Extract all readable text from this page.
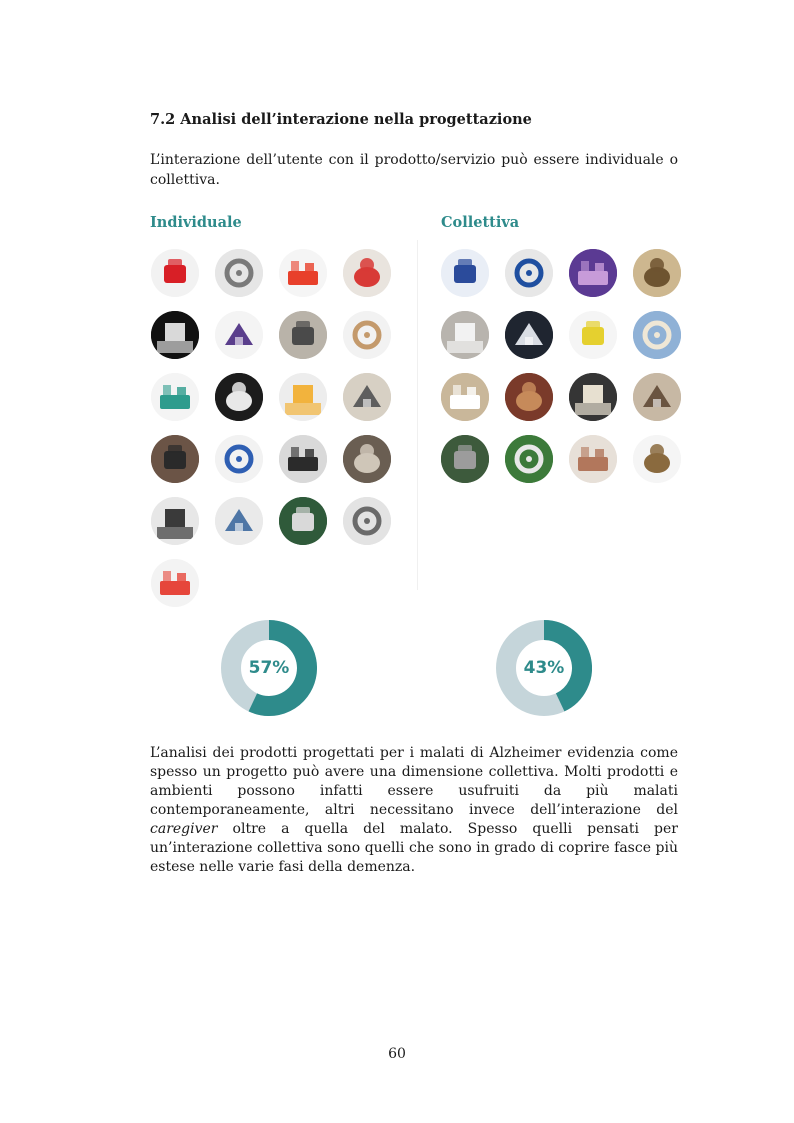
7.2 Analisi dell’interazione nella progettazione
L’interazione dell’utente con il prodotto/servizio può essere individuale o collettiva.
Individuale	Collettiva
57%	43%
L’analisi dei prodotti progettati per i malati di Alzheimer evidenzia come spesso un progetto può avere una dimensione collettiva. Molti prodotti e ambienti possono infatti essere usufruiti da più malati contemporaneamente, altri necessitano invece dell’interazione del caregiver oltre a quella del malato. Spesso quelli pensati per un’interazione collettiva sono quelli che sono in grado di coprire fasce più estese nelle varie fasi della demenza.
60
